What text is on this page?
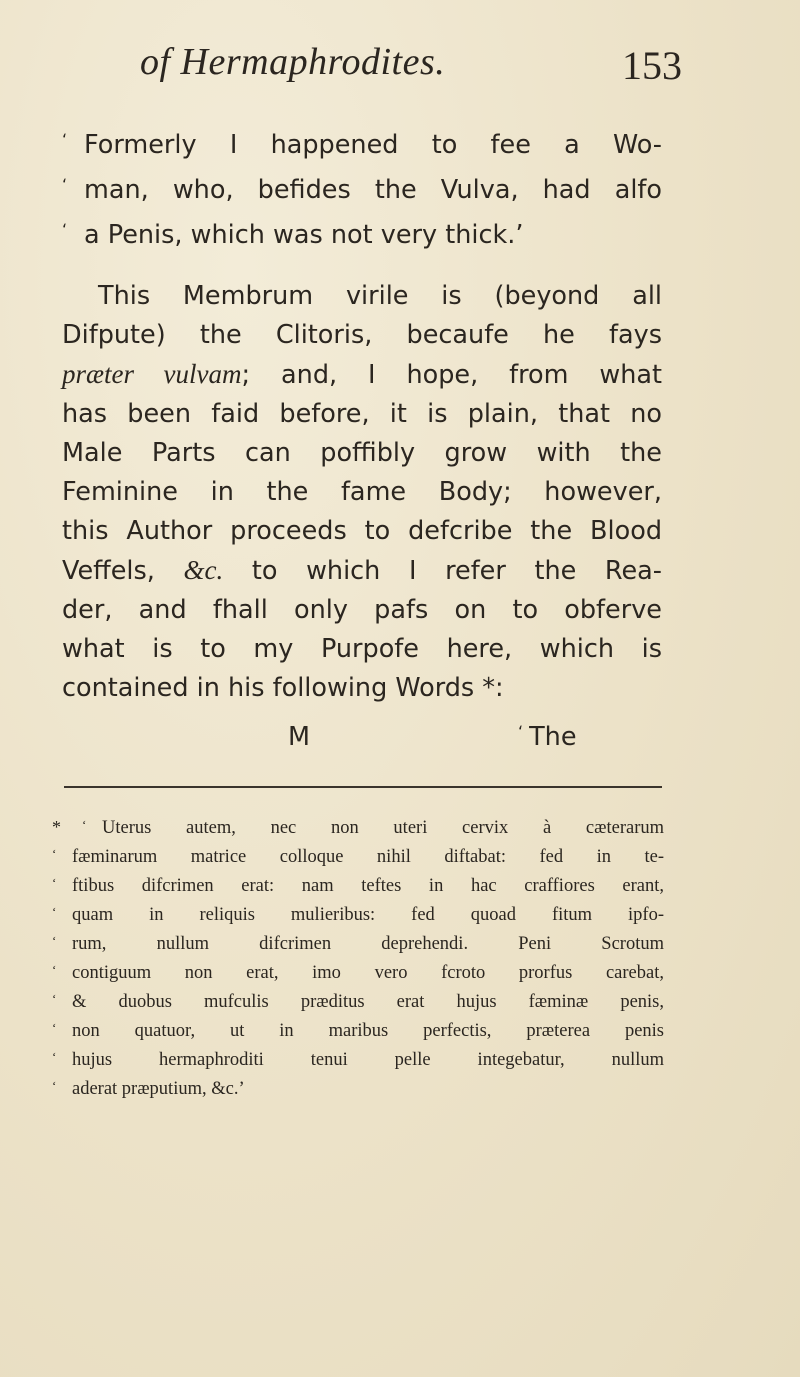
of Hermaphrodites.	153
‘ Formerly I happened to fee a Wo-
‘ man, who, befides the Vulva, had alfo
‘ a Penis, which was not very thick.’
This Membrum virile is (beyond all
Difpute) the Clitoris, becaufe he fays
præter vulvam; and, I hope, from what
has been faid before, it is plain, that no
Male Parts can poffibly grow with the
Feminine in the fame Body; however,
this Author proceeds to defcribe the Blood
Veffels, &c. to which I refer the Rea-
der, and fhall only pafs on to obferve
what is to my Purpofe here, which is
contained in his following Words *:
M	‘ The
* ‘ Uterus autem, nec non uteri cervix à cæterarum
‘ fæminarum matrice colloque nihil diftabat: fed in te-
‘ ftibus difcrimen erat: nam teftes in hac craffiores erant,
‘ quam in reliquis mulieribus: fed quoad fitum ipfo-
‘ rum, nullum difcrimen deprehendi. Peni Scrotum
‘ contiguum non erat, imo vero fcroto prorfus carebat,
‘ & duobus mufculis præditus erat hujus fæminæ penis,
‘ non quatuor, ut in maribus perfectis, præterea penis
‘ hujus hermaphroditi tenui pelle integebatur, nullum
‘ aderat præputium, &c.’
